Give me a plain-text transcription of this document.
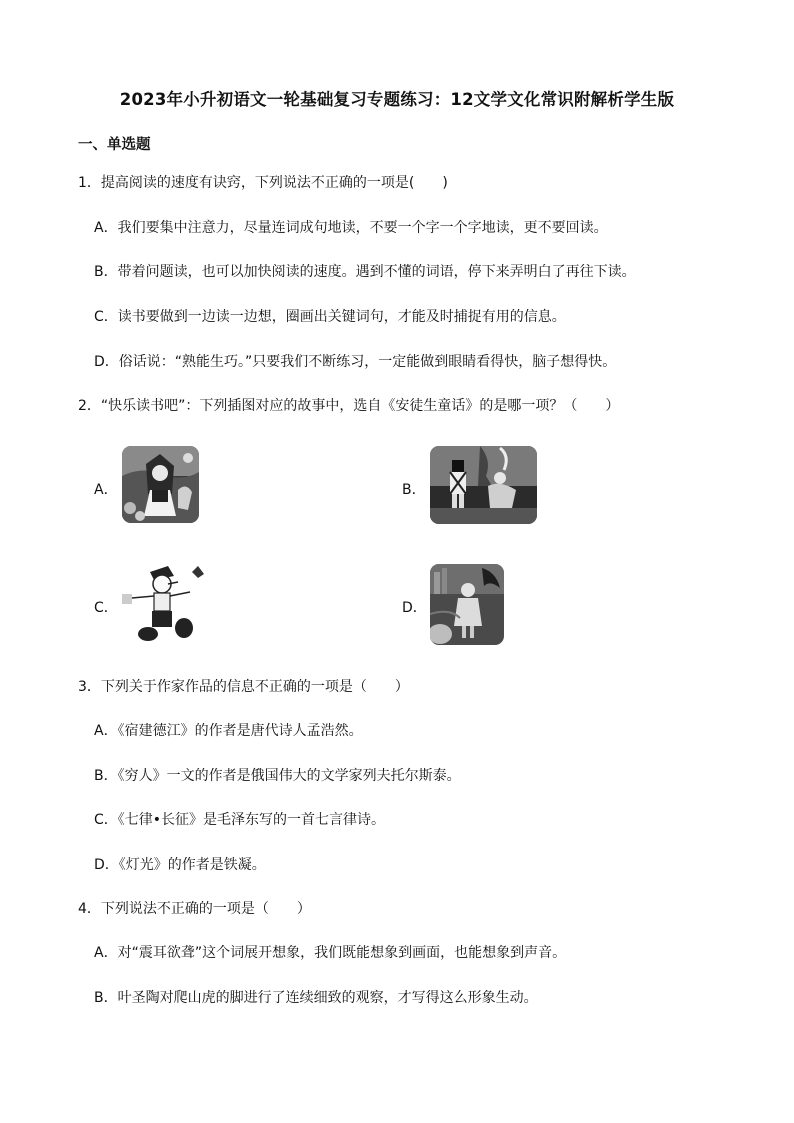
2023年小升初语文一轮基础复习专题练习：12文学文化常识附解析学生版
一、单选题
1．提高阅读的速度有诀窍，下列说法不正确的一项是(　　)
A．我们要集中注意力，尽量连词成句地读，不要一个字一个字地读，更不要回读。
B．带着问题读，也可以加快阅读的速度。遇到不懂的词语，停下来弄明白了再往下读。
C．读书要做到一边读一边想，圈画出关键词句，才能及时捕捉有用的信息。
D．俗话说：“熟能生巧。”只要我们不断练习，一定能做到眼睛看得快，脑子想得快。
2．“快乐读书吧”：下列插图对应的故事中，选自《安徒生童话》的是哪一项？（　　）
A．	B．
C．	D．
3．下列关于作家作品的信息不正确的一项是（　　）
A．《宿建德江》的作者是唐代诗人孟浩然。
B．《穷人》一文的作者是俄国伟大的文学家列夫托尔斯泰。
C．《七律•长征》是毛泽东写的一首七言律诗。
D．《灯光》的作者是铁凝。
4．下列说法不正确的一项是（　　）
A．对“震耳欲聋”这个词展开想象，我们既能想象到画面，也能想象到声音。
B．叶圣陶对爬山虎的脚进行了连续细致的观察，才写得这么形象生动。
